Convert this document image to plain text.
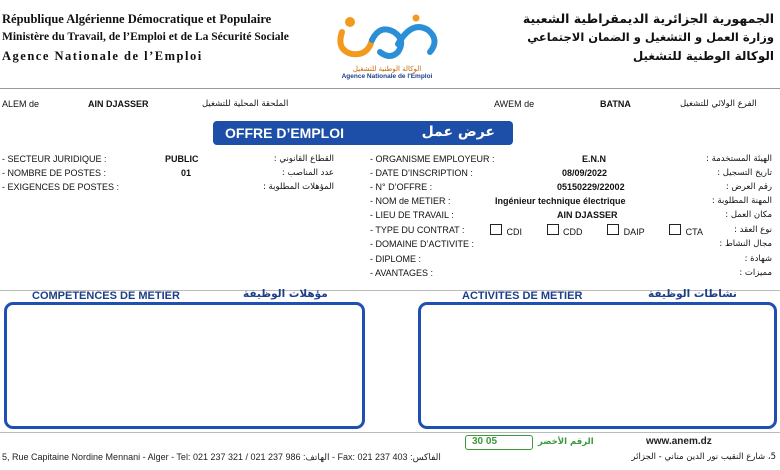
République Algérienne Démocratique et Populaire
Ministère du Travail, de l’Emploi et de La Sécurité Sociale
Agence Nationale de l’Emploi
الوكالة الوطنية للتشغيل
Agence Nationale de l'Emploi
الجمهورية الجزائرية الديمقراطية الشعبية
وزارة العمل و التشغيل و الضمان الاجتماعي
الوكالة الوطنية للتشغيل
ALEM de	AIN DJASSER	الملحقة المحلية للتشغيل	AWEM de	BATNA	الفرع الولائي للتشغيل
OFFRE D’EMPLOI	عرض عمل
- SECTEUR JURIDIQUE :	PUBLIC	القطاع القانوني :
- NOMBRE DE POSTES :	01	عدد المناصب :
- EXIGENCES DE POSTES :	المؤهلات المطلوبة :
- ORGANISME EMPLOYEUR :	E.N.N	الهيئة المستخدمة :
- DATE D’INSCRIPTION :	08/09/2022	تاريخ التسجيل :
- N° D’OFFRE :	05150229/22002	رقم العرض :
- NOM de METIER :	Ingénieur technique électrique	المهنة المطلوبة :
- LIEU DE TRAVAIL :	AIN DJASSER	مكان العمل :
- TYPE DU CONTRAT :	CDI	CDD	DAIP	CTA	نوع العقد :
- DOMAINE D’ACTIVITE :	مجال النشاط :
- DIPLOME :	شهادة :
- AVANTAGES :	مميزات :
COMPETENCES DE METIER	مؤهلات الوظيفة	ACTIVITES DE METIER	نشاطات الوظيفة
30 05	الرقم الأخضر	www.anem.dz
5, Rue Capitaine Nordine Mennani - Alger - Tel: 021 237 321 / 021 237 986 :الهاتف - Fax: 021 237 403 :الفاكس	5، شارع النقيب نور الدين مناني - الجزائر
